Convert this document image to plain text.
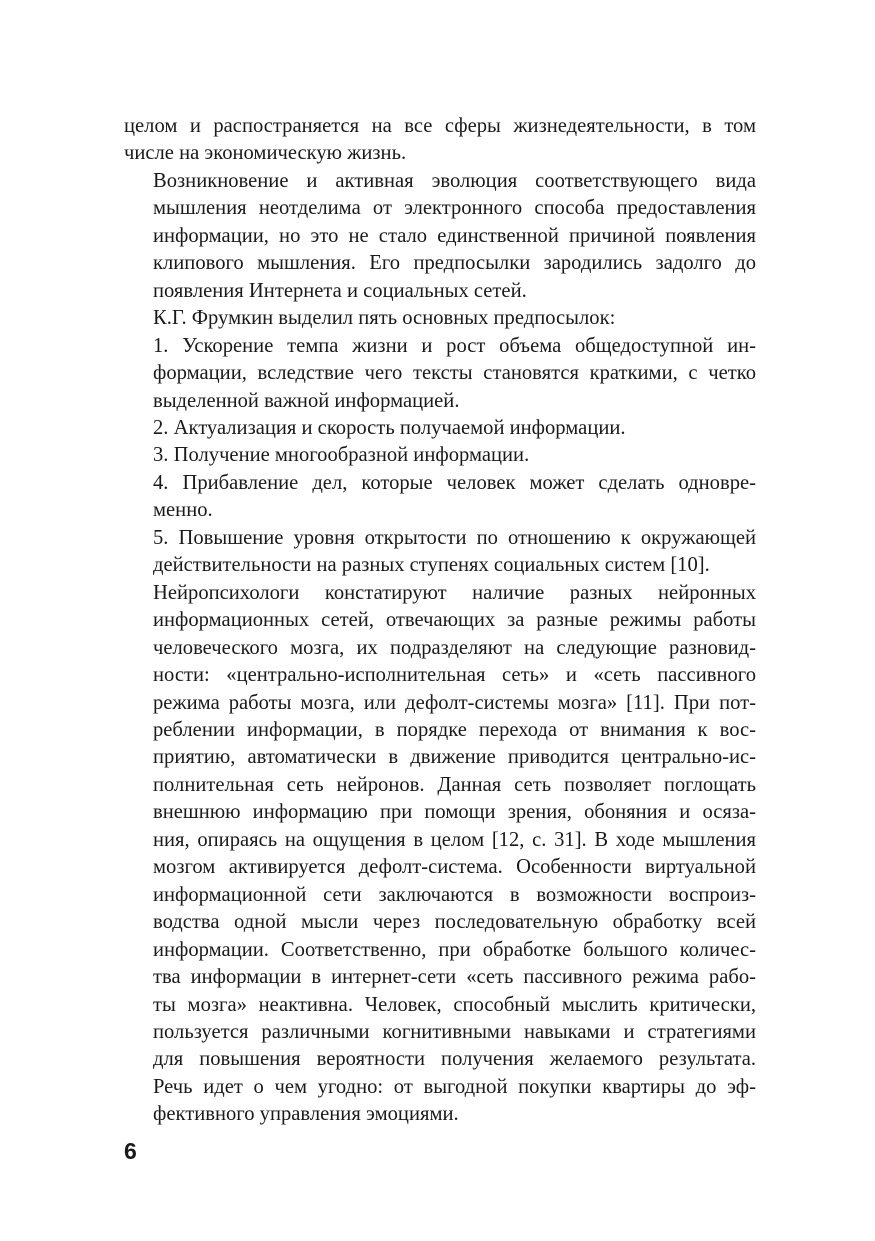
целом и распостраняется на все сферы жизнедеятельности, в том
числе на экономическую жизнь.

Возникновение и активная эволюция соответствующего вида
мышления неотделима от электронного способа предоставления
информации, но это не стало единственной причиной появления
клипового мышления. Его предпосылки зародились задолго до
появления Интернета и социальных сетей.

К.Г. Фрумкин выделил пять основных предпосылок:

1. Ускорение темпа жизни и рост объема общедоступной ин-
формации, вследствие чего тексты становятся краткими, с четко
выделенной важной информацией.

2. Актуализация и скорость получаемой информации.

3. Получение многообразной информации.

4. Прибавление дел, которые человек может сделать одновре-
менно.

5. Повышение уровня открытости по отношению к окружающей
действительности на разных ступенях социальных систем [10].

Нейропсихологи констатируют наличие разных нейронных
информационных сетей, отвечающих за разные режимы работы
человеческого мозга, их подразделяют на следующие разновид-
ности: «центрально-исполнительная сеть» и «сеть пассивного
режима работы мозга, или дефолт-системы мозга» [11]. При пот-
реблении информации, в порядке перехода от внимания к вос-
приятию, автоматически в движение приводится центрально-ис-
полнительная сеть нейронов. Данная сеть позволяет поглощать
внешнюю информацию при помощи зрения, обоняния и осяза-
ния, опираясь на ощущения в целом [12, с. 31]. В ходе мышления
мозгом активируется дефолт-система. Особенности виртуальной
информационной сети заключаются в возможности воспроиз-
водства одной мысли через последовательную обработку всей
информации. Соответственно, при обработке большого количес-
тва информации в интернет-сети «сеть пассивного режима рабо-
ты мозга» неактивна. Человек, способный мыслить критически,
пользуется различными когнитивными навыками и стратегиями
для повышения вероятности получения желаемого результата.
Речь идет о чем угодно: от выгодной покупки квартиры до эф-
фективного управления эмоциями.

6
